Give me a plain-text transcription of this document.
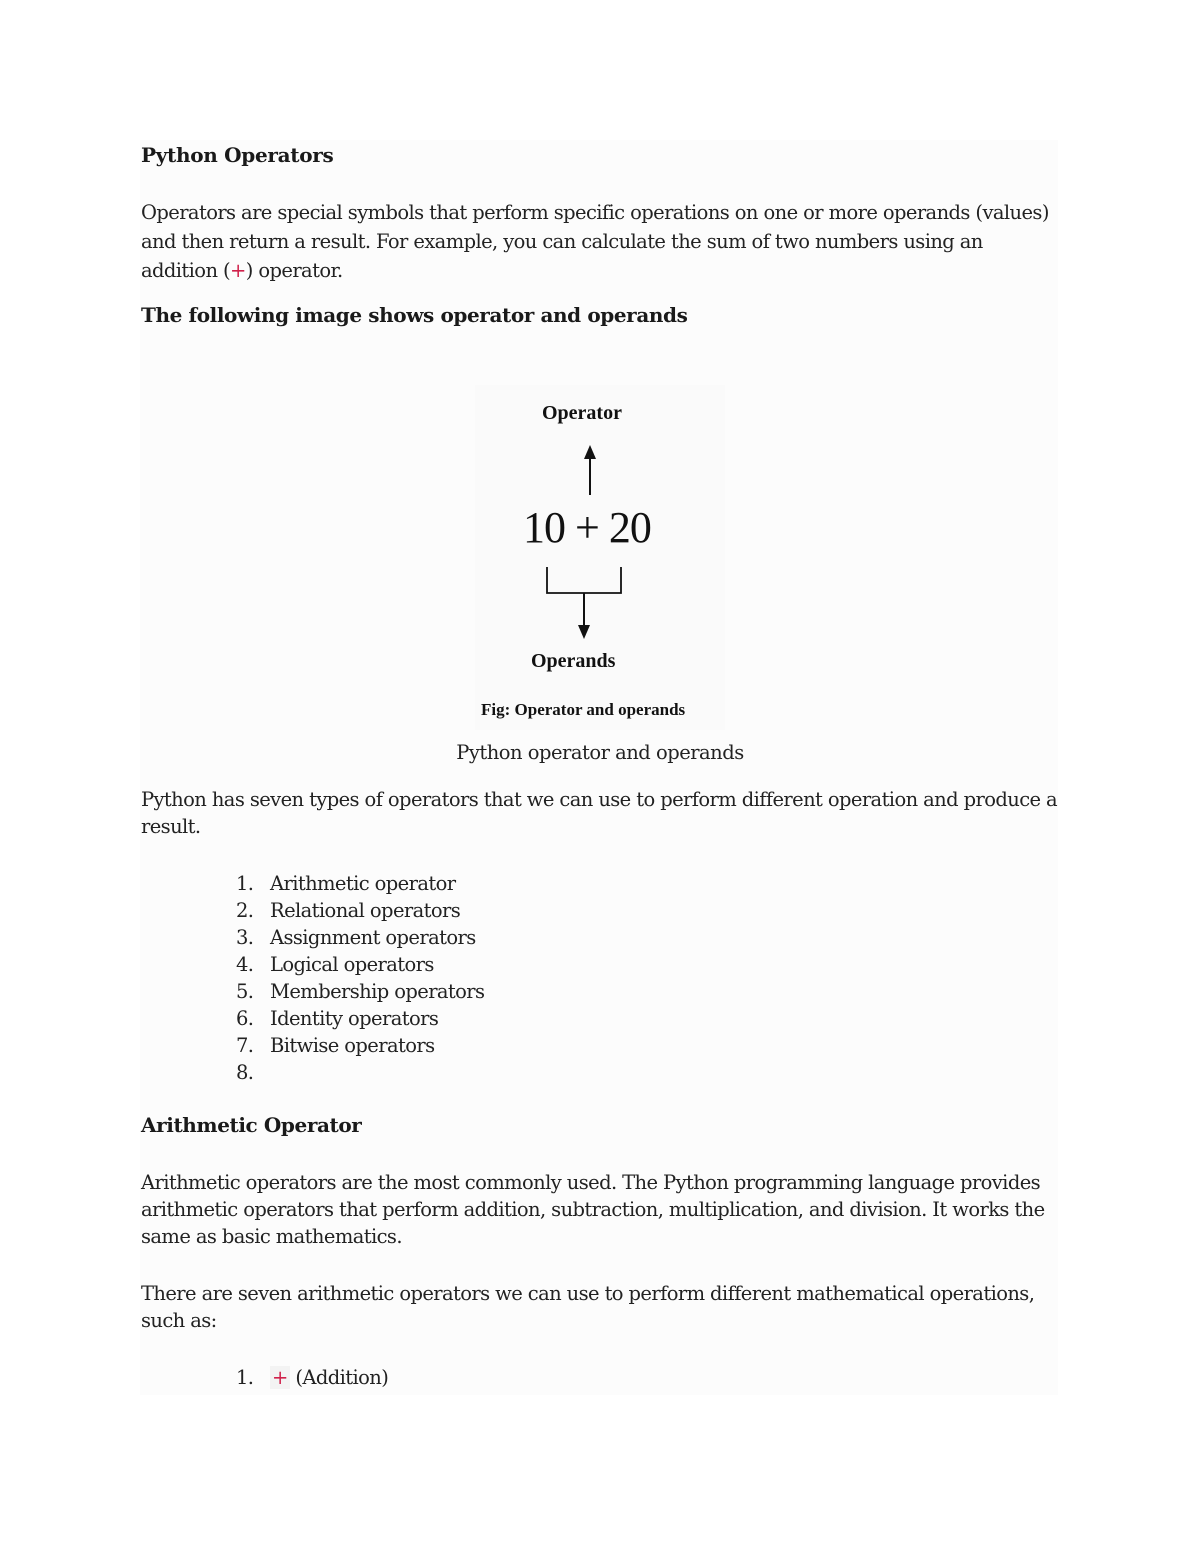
Python Operators

Operators are special symbols that perform specific operations on one or more operands (values)
and then return a result. For example, you can calculate the sum of two numbers using an
addition (+) operator.

The following image shows operator and operands
Operator
10 + 20
Operands
Fig: Operator and operands

Python operator and operands

Python has seven types of operators that we can use to perform different operation and produce a
result.

1. Arithmetic operator
2. Relational operators
3. Assignment operators
4. Logical operators
5. Membership operators
6. Identity operators
7. Bitwise operators
8.

Arithmetic Operator

Arithmetic operators are the most commonly used. The Python programming language provides
arithmetic operators that perform addition, subtraction, multiplication, and division. It works the
same as basic mathematics.

There are seven arithmetic operators we can use to perform different mathematical operations,
such as:

1. + (Addition)
